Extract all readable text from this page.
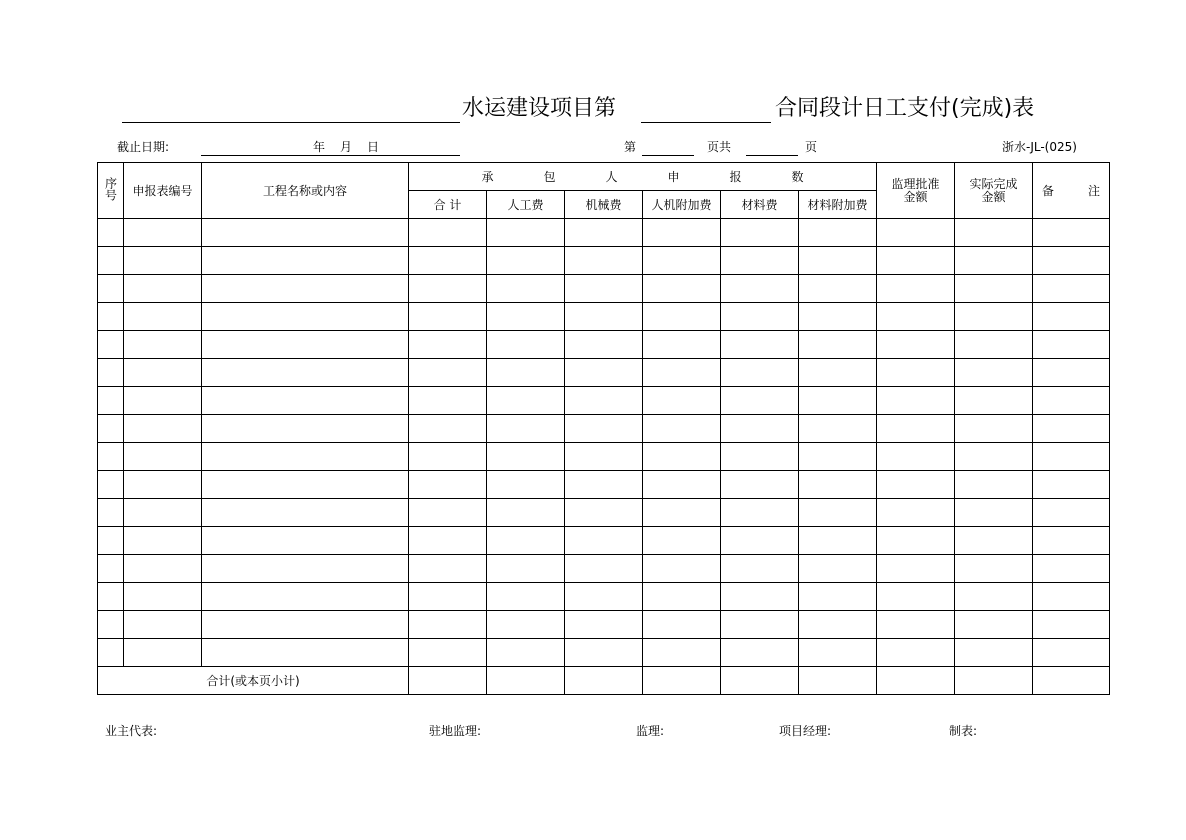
水运建设项目第	合同段计日工支付(完成)表
截止日期:	年 月 日	第	页共	页	浙水-JL-(025)
序号	申报表编号	工程名称或内容	承包人申报数						监理批准金额	实际完成金额	备 注
			合 计	人工费	机械费	人机附加费	材料费	材料附加费			

合计(或本页小计)											
业主代表:	驻地监理:	监理:	项目经理:	制表:
